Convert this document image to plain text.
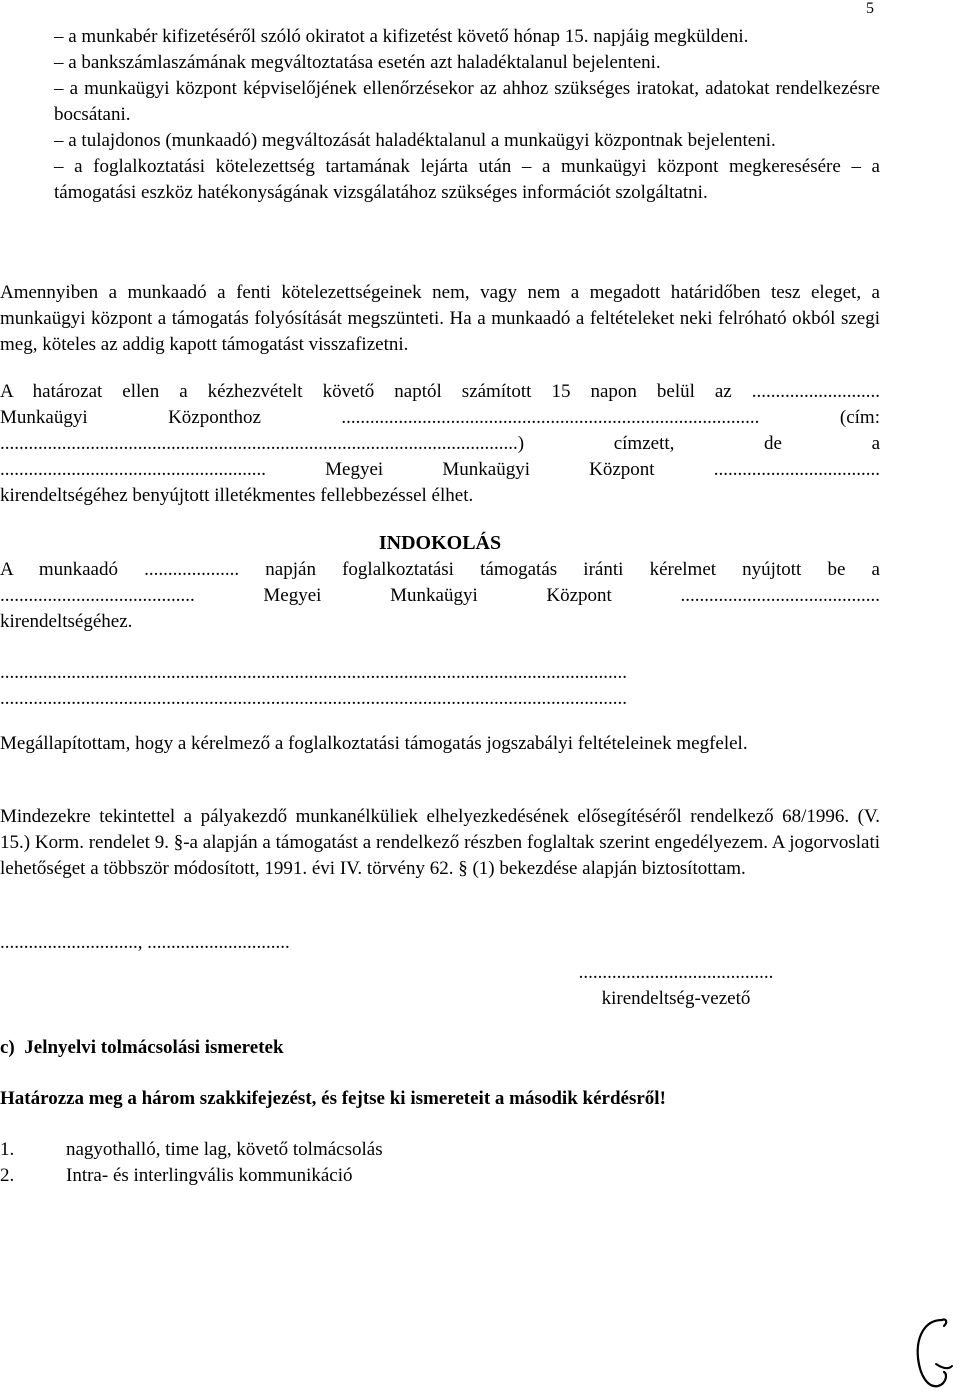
5
– a munkabér kifizetéséről szóló okiratot a kifizetést követő hónap 15. napjáig megküldeni.
– a bankszámlaszámának megváltoztatása esetén azt haladéktalanul bejelenteni.
– a munkaügyi központ képviselőjének ellenőrzésekor az ahhoz szükséges iratokat, adatokat rendelkezésre bocsátani.
– a tulajdonos (munkaadó) megváltozását haladéktalanul a munkaügyi központnak bejelenteni.
– a foglalkoztatási kötelezettség tartamának lejárta után – a munkaügyi központ megkeresésére – a támogatási eszköz hatékonyságának vizsgálatához szükséges információt szolgáltatni.

Amennyiben a munkaadó a fenti kötelezettségeinek nem, vagy nem a megadott határidőben tesz eleget, a munkaügyi központ a támogatás folyósítását megszünteti. Ha a munkaadó a feltételeket neki felróható okból szegi meg, köteles az addig kapott támogatást visszafizetni.

A határozat ellen a kézhezvételt követő naptól számított 15 napon belül az ...........................
Munkaügyi Központhoz ........................................................................................ (cím:
.............................................................................................................) címzett, de a
........................................................ Megyei Munkaügyi Központ ...................................
kirendeltségéhez benyújtott illetékmentes fellebbezéssel élhet.
INDOKOLÁS
A munkaadó .................... napján foglalkoztatási támogatás iránti kérelmet nyújtott be a
......................................... Megyei Munkaügyi Központ ..........................................
kirendeltségéhez.
....................................................................................................................................
....................................................................................................................................

Megállapítottam, hogy a kérelmező a foglalkoztatási támogatás jogszabályi feltételeinek megfelel.

Mindezekre tekintettel a pályakezdő munkanélküliek elhelyezkedésének elősegítéséről rendelkező 68/1996. (V. 15.) Korm. rendelet 9. §-a alapján a támogatást a rendelkező részben foglaltak szerint engedélyezem. A jogorvoslati lehetőséget a többször módosított, 1991. évi IV. törvény 62. § (1) bekezdése alapján biztosítottam.

............................., ..............................
.........................................
kirendeltség-vezető
c)  Jelnyelvi tolmácsolási ismeretek
Határozza meg a három szakkifejezést, és fejtse ki ismereteit a második kérdésről!
1.	nagyothalló, time lag, követő tolmácsolás
2.	Intra- és interlingvális kommunikáció
